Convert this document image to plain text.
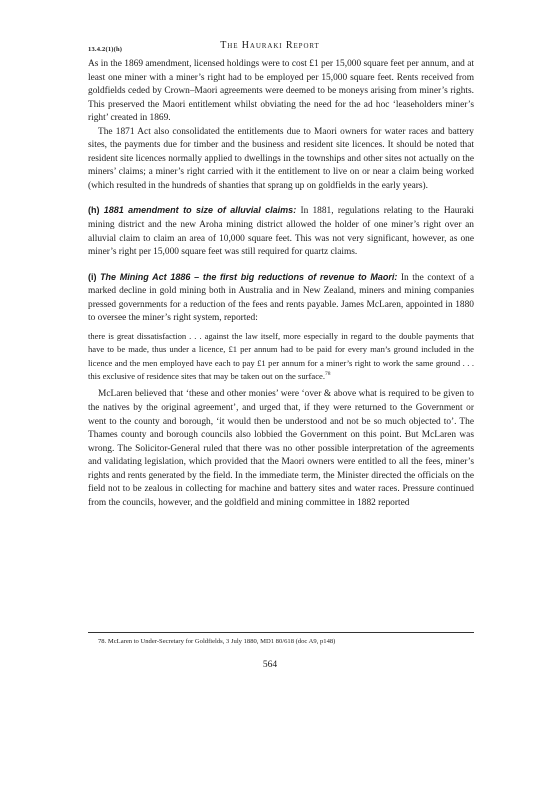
13.4.2(1)(h)	The Hauraki Report

As in the 1869 amendment, licensed holdings were to cost £1 per 15,000 square feet per annum, and at least one miner with a miner’s right had to be employed per 15,000 square feet. Rents received from goldfields ceded by Crown–Maori agreements were deemed to be moneys arising from miner’s rights. This preserved the Maori entitlement whilst obviating the need for the ad hoc ‘leaseholders miner’s right’ created in 1869.

The 1871 Act also consolidated the entitlements due to Maori owners for water races and battery sites, the payments due for timber and the business and resident site licences. It should be noted that resident site licences normally applied to dwellings in the townships and other sites not actually on the miners’ claims; a miner’s right carried with it the entitlement to live on or near a claim being worked (which resulted in the hundreds of shanties that sprang up on goldfields in the early years).

(h) 1881 amendment to size of alluvial claims: In 1881, regulations relating to the Hauraki mining district and the new Aroha mining district allowed the holder of one miner’s right over an alluvial claim to claim an area of 10,000 square feet. This was not very significant, however, as one miner’s right per 15,000 square feet was still required for quartz claims.

(i) The Mining Act 1886 – the first big reductions of revenue to Maori: In the context of a marked decline in gold mining both in Australia and in New Zealand, miners and mining companies pressed governments for a reduction of the fees and rents payable. James McLaren, appointed in 1880 to oversee the miner’s right system, reported:

there is great dissatisfaction . . . against the law itself, more especially in regard to the double payments that have to be made, thus under a licence, £1 per annum had to be paid for every man’s ground included in the licence and the men employed have each to pay £1 per annum for a miner’s right to work the same ground . . . this exclusive of residence sites that may be taken out on the surface.$^{78}$

McLaren believed that ‘these and other monies’ were ‘over & above what is required to be given to the natives by the original agreement’, and urged that, if they were returned to the Government or went to the county and borough, ‘it would then be understood and not be so much objected to’. The Thames county and borough councils also lobbied the Government on this point. But McLaren was wrong. The Solicitor-General ruled that there was no other possible interpretation of the agreements and validating legislation, which provided that the Maori owners were entitled to all the fees, miner’s rights and rents generated by the field. In the immediate term, the Minister directed the officials on the field not to be zealous in collecting for machine and battery sites and water races. Pressure continued from the councils, however, and the goldfield and mining committee in 1882 reported

78. McLaren to Under-Secretary for Goldfields, 3 July 1880, MD1 80/618 (doc A9, p148)
564
